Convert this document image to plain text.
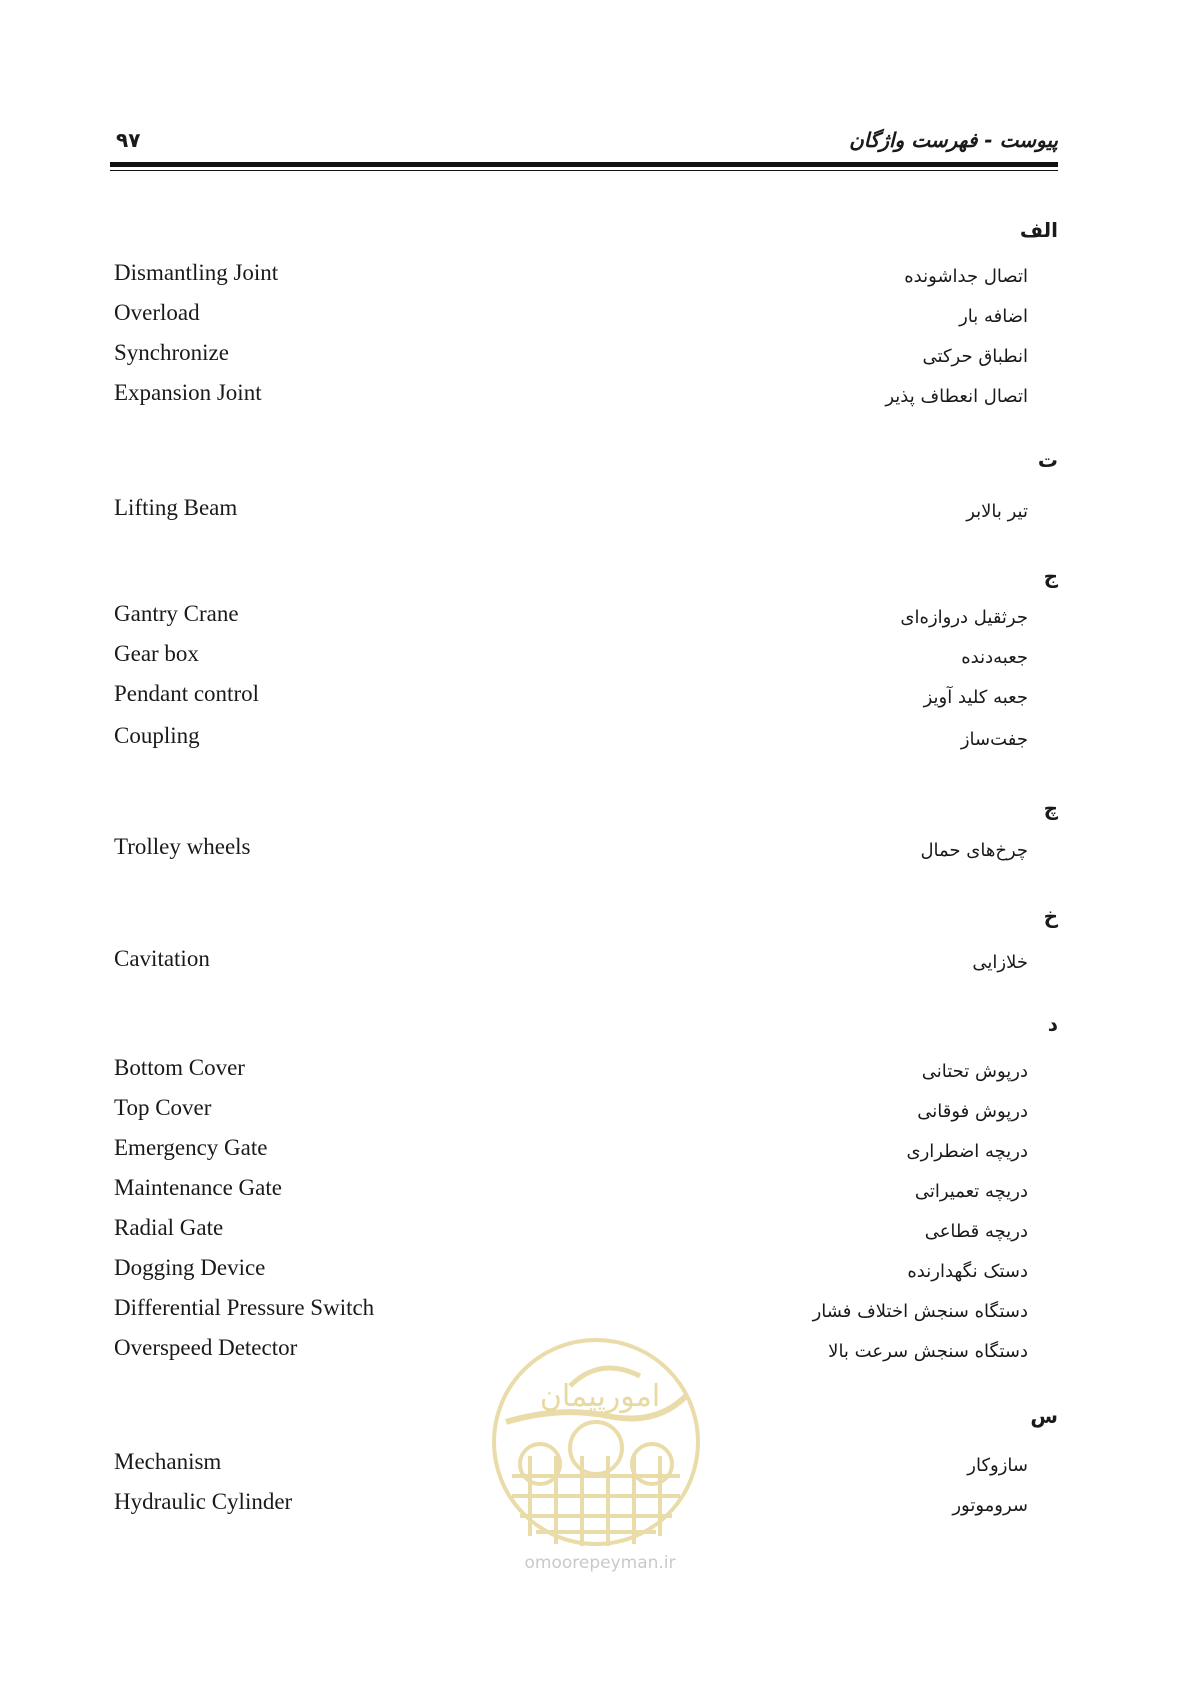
۹۷	پیوست - فهرست واژگان
الف
Dismantling Joint	اتصال جداشونده
Overload	اضافه بار
Synchronize	انطباق حرکتی
Expansion Joint	اتصال انعطاف پذیر
ت
Lifting Beam	تیر بالابر
ج
Gantry Crane	جرثقیل دروازه‌ای
Gear box	جعبه‌دنده
Pendant control	جعبه کلید آویز
Coupling	جفت‌ساز
چ
Trolley wheels	چرخ‌های حمال
خ
Cavitation	خلازایی
د
Bottom Cover	درپوش تحتانی
Top Cover	درپوش فوقانی
Emergency Gate	دریچه اضطراری
Maintenance Gate	دریچه تعمیراتی
Radial Gate	دریچه قطاعی
Dogging Device	دستک نگهدارنده
Differential Pressure Switch	دستگاه سنجش اختلاف فشار
Overspeed Detector	دستگاه سنجش سرعت بالا
س
Mechanism	سازوکار
Hydraulic Cylinder	سروموتور
امورپیمان
omoorepeyman.ir
